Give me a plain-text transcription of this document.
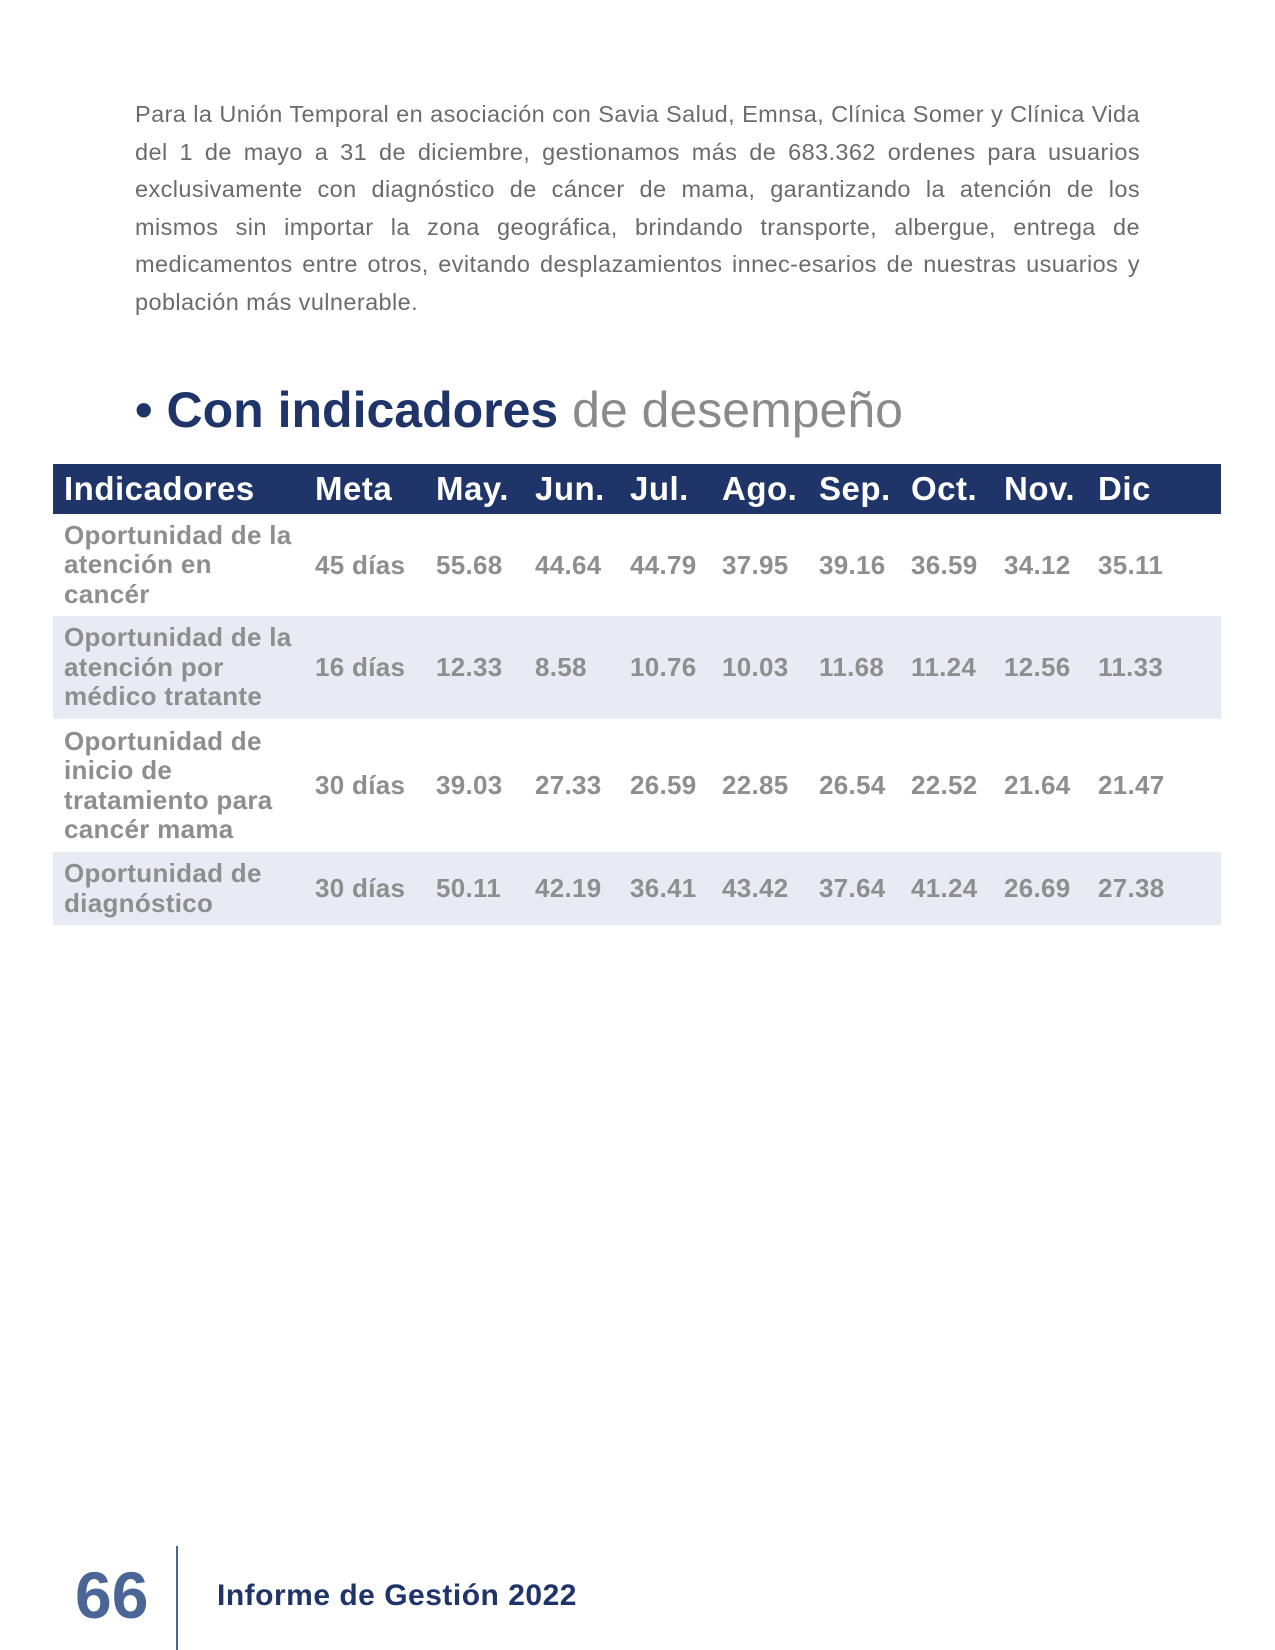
Para la Unión Temporal en asociación con Savia Salud, Emnsa, Clínica Somer y Clínica Vida del 1 de mayo a 31 de diciembre, gestionamos más de 683.362 ordenes para usuarios exclusivamente con diagnóstico de cáncer de mama, garantizando la atención de los mismos sin importar la zona geográfica, brindando transporte, albergue, entrega de medicamentos entre otros, evitando desplazamientos innec-esarios de nuestras usuarios y población más vulnerable.

• Con indicadores de desempeño
Indicadores	Meta	May.	Jun.	Jul.	Ago.	Sep.	Oct.	Nov.	Dic
Oportunidad de la atención en cancér	45 días	55.68	44.64	44.79	37.95	39.16	36.59	34.12	35.11
Oportunidad de la atención por médico tratante	16 días	12.33	8.58	10.76	10.03	11.68	11.24	12.56	11.33
Oportunidad de inicio de tratamiento para cancér mama	30 días	39.03	27.33	26.59	22.85	26.54	22.52	21.64	21.47
Oportunidad de diagnóstico	30 días	50.11	42.19	36.41	43.42	37.64	41.24	26.69	27.38
66 Informe de Gestión 2022
